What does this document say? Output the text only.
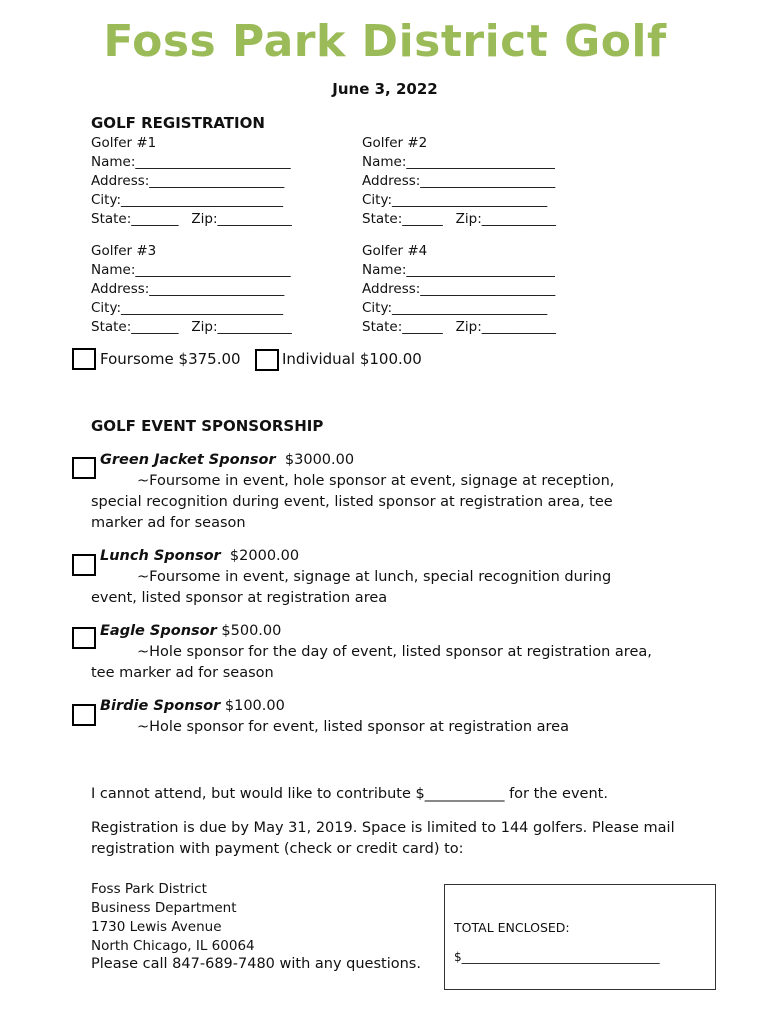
Foss Park District Golf
June 3, 2022
GOLF REGISTRATION
Golfer #1
Name:_______________________
Address:____________________
City:________________________
State:_______   Zip:___________
Golfer #2
Name:______________________
Address:____________________
City:_______________________
State:______   Zip:___________
Golfer #3
Name:_______________________
Address:____________________
City:________________________
State:_______   Zip:___________
Golfer #4
Name:______________________
Address:____________________
City:_______________________
State:______   Zip:___________
Foursome $375.00	Individual $100.00
GOLF EVENT SPONSORSHIP
Green Jacket Sponsor $3000.00
~Foursome in event, hole sponsor at event, signage at reception,
special recognition during event, listed sponsor at registration area, tee marker ad for season
Lunch Sponsor $2000.00
~Foursome in event, signage at lunch, special recognition during
event, listed sponsor at registration area
Eagle Sponsor $500.00
~Hole sponsor for the day of event, listed sponsor at registration area,
tee marker ad for season
Birdie Sponsor $100.00
~Hole sponsor for event, listed sponsor at registration area
I cannot attend, but would like to contribute $___________ for the event.
Registration is due by May 31, 2019. Space is limited to 144 golfers. Please mail registration with payment (check or credit card) to:
Foss Park District
Business Department
1730 Lewis Avenue
North Chicago, IL 60064
Please call 847-689-7480 with any questions.
TOTAL ENCLOSED:
$_________________________________
